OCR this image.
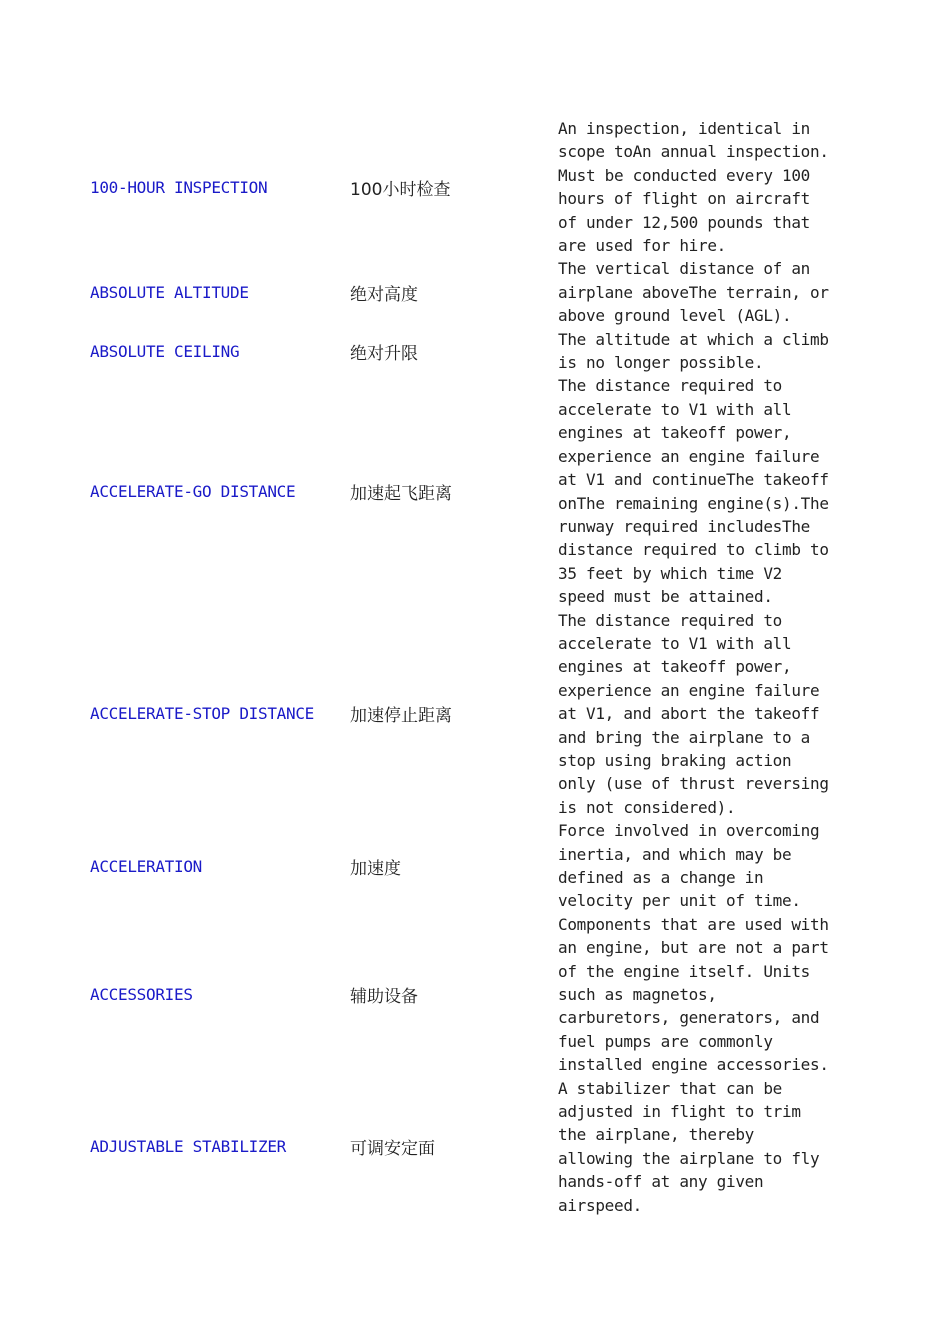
100-HOUR INSPECTION	100小时检查
An inspection, identical in
scope toAn annual inspection.
Must be conducted every 100
hours of flight on aircraft
of under 12,500 pounds that
are used for hire.
ABSOLUTE ALTITUDE	绝对高度
The vertical distance of an
airplane aboveThe terrain, or
above ground level (AGL).
ABSOLUTE CEILING	绝对升限
The altitude at which a climb
is no longer possible.
ACCELERATE-GO DISTANCE	加速起飞距离
The distance required to
accelerate to V1 with all
engines at takeoff power,
experience an engine failure
at V1 and continueThe takeoff
onThe remaining engine(s).The
runway required includesThe
distance required to climb to
35 feet by which time V2
speed must be attained.
ACCELERATE-STOP DISTANCE	加速停止距离
The distance required to
accelerate to V1 with all
engines at takeoff power,
experience an engine failure
at V1, and abort the takeoff
and bring the airplane to a
stop using braking action
only (use of thrust reversing
is not considered).
ACCELERATION	加速度
Force involved in overcoming
inertia, and which may be
defined as a change in
velocity per unit of time.
ACCESSORIES	辅助设备
Components that are used with
an engine, but are not a part
of the engine itself. Units
such as magnetos,
carburetors, generators, and
fuel pumps are commonly
installed engine accessories.
ADJUSTABLE STABILIZER	可调安定面
A stabilizer that can be
adjusted in flight to trim
the airplane, thereby
allowing the airplane to fly
hands-off at any given
airspeed.
